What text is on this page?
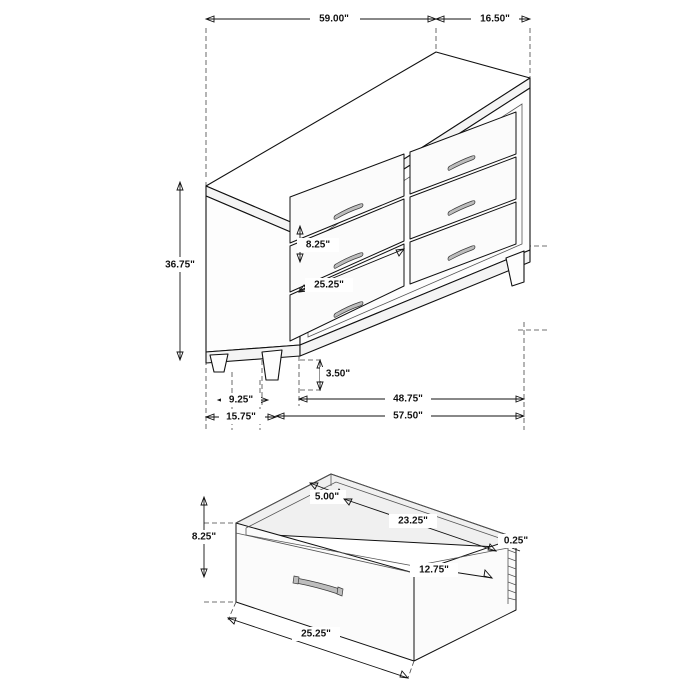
59.00"	16.50"
36.75"
8.25"
25.25"
3.50"
9.25"
15.75"
48.75"
57.50"
5.00"
8.25"
23.25"
0.25"
12.75"
25.25"
